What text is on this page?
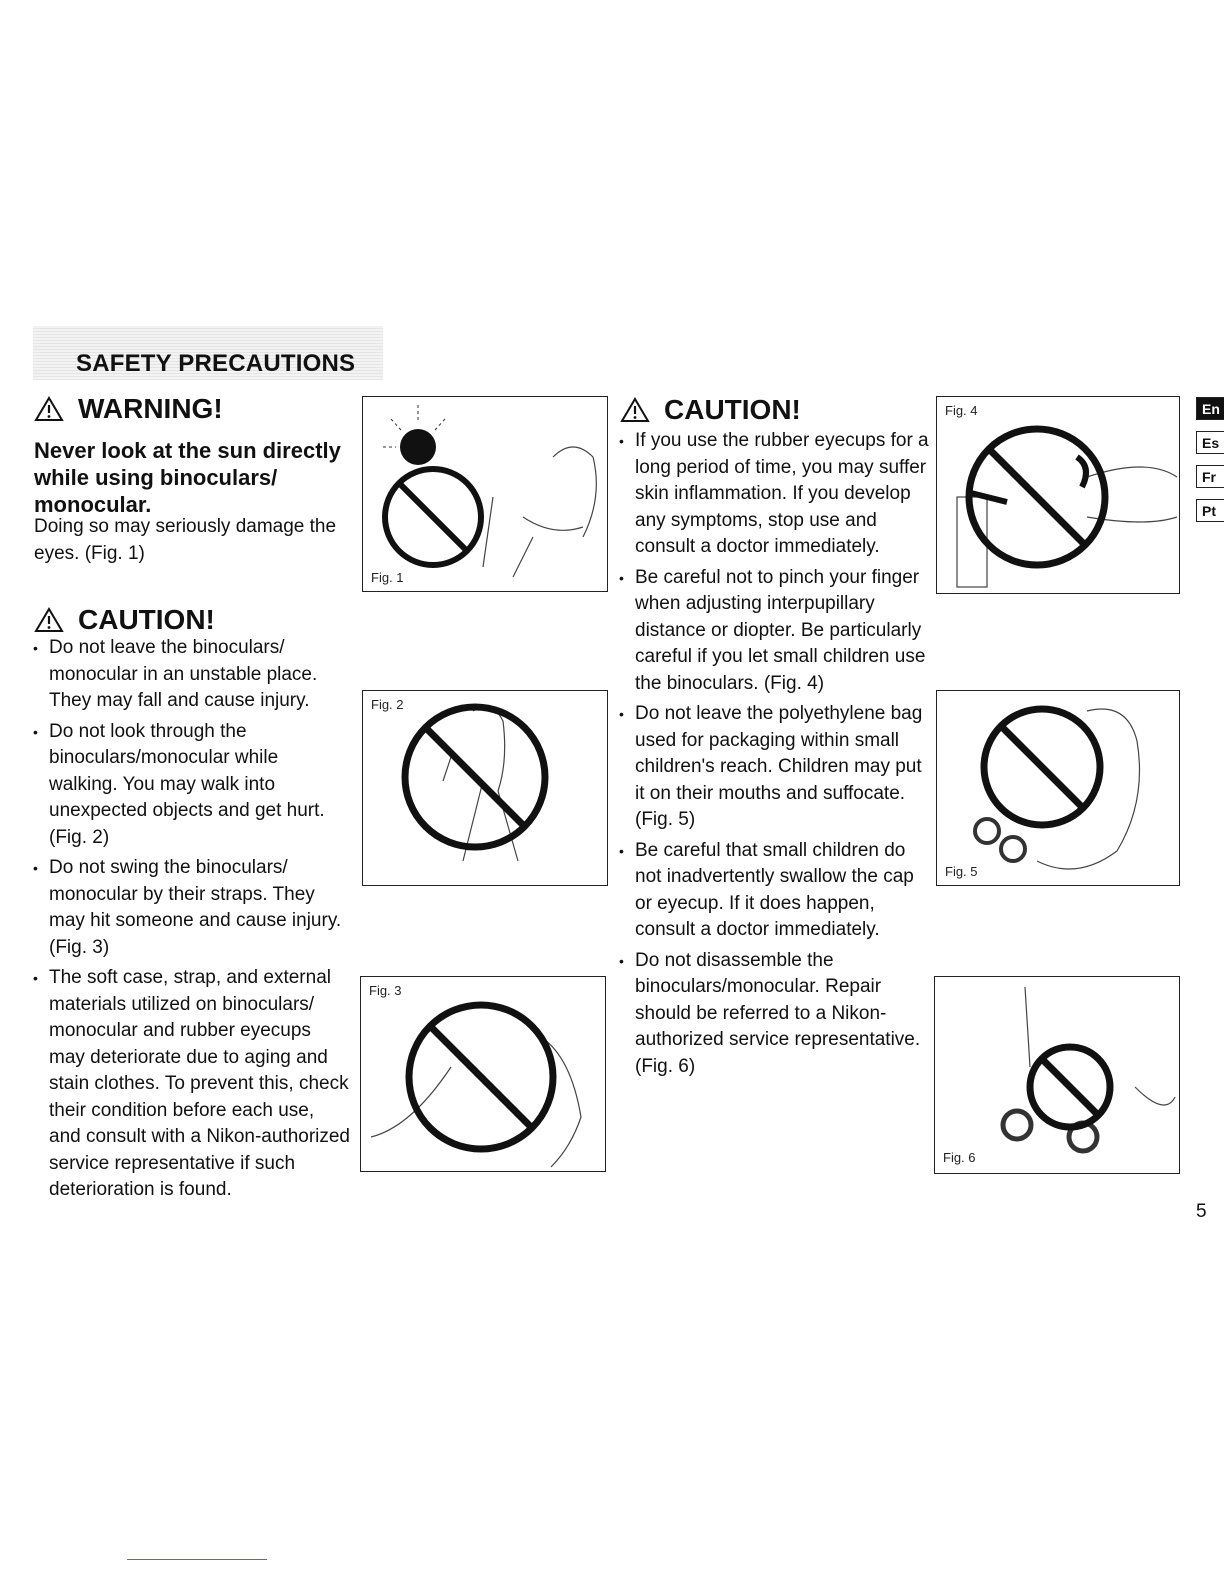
SAFETY PRECAUTIONS
WARNING!
Never look at the sun directly while using binoculars/ monocular.
Doing so may seriously damage the eyes. (Fig. 1)
CAUTION!
• Do not leave the binoculars/ monocular in an unstable place. They may fall and cause injury.
• Do not look through the binoculars/monocular while walking. You may walk into unexpected objects and get hurt. (Fig. 2)
• Do not swing the binoculars/ monocular by their straps. They may hit someone and cause injury. (Fig. 3)
• The soft case, strap, and external materials utilized on binoculars/ monocular and rubber eyecups may deteriorate due to aging and stain clothes. To prevent this, check their condition before each use, and consult with a Nikon-authorized service representative if such deterioration is found.
Fig. 1
Fig. 2
Fig. 3
CAUTION!
• If you use the rubber eyecups for a long period of time, you may suffer skin inflammation. If you develop any symptoms, stop use and consult a doctor immediately.
• Be careful not to pinch your finger when adjusting interpupillary distance or diopter. Be particularly careful if you let small children use the binoculars. (Fig. 4)
• Do not leave the polyethylene bag used for packaging within small children's reach. Children may put it on their mouths and suffocate. (Fig. 5)
• Be careful that small children do not inadvertently swallow the cap or eyecup. If it does happen, consult a doctor immediately.
• Do not disassemble the binoculars/monocular. Repair should be referred to a Nikon-authorized service representative. (Fig. 6)
Fig. 4
Fig. 5
Fig. 6
En
Es
Fr
Pt
5
